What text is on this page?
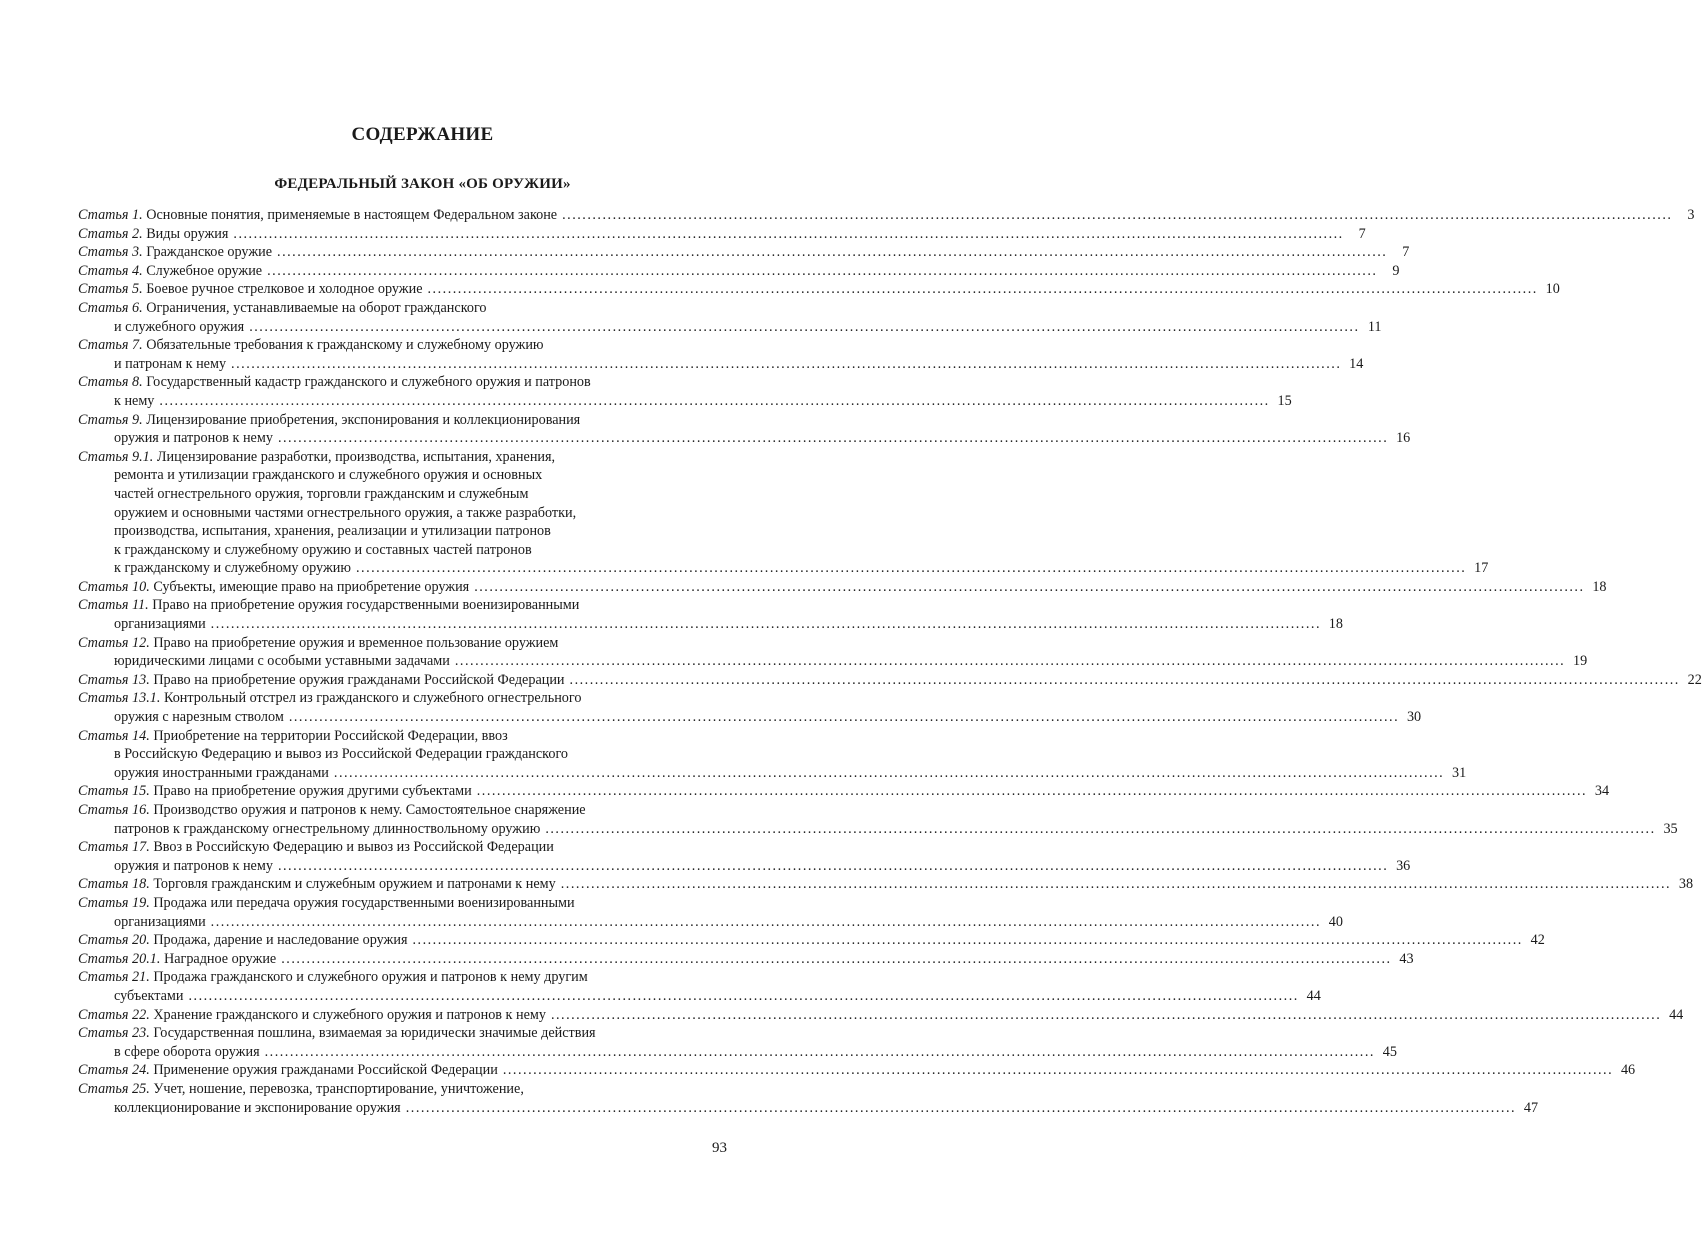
СОДЕРЖАНИЕ
ФЕДЕРАЛЬНЫЙ ЗАКОН «ОБ ОРУЖИИ»
Статья 1.
Основные понятия, применяемые в настоящем Федеральном законе ............................................................................................................................................................................................................................	3
Статья 2.
Виды оружия ............................................................................................................................................................................................................................	7
Статья 3.
Гражданское оружие ............................................................................................................................................................................................................................	7
Статья 4.
Служебное оружие ............................................................................................................................................................................................................................	9
Статья 5.
Боевое ручное стрелковое и холодное оружие ............................................................................................................................................................................................................................ 10
Статья 6.
Ограничения, устанавливаемые на оборот гражданского
и служебного оружия ............................................................................................................................................................................................................................ 11
Статья 7.
Обязательные требования к гражданскому и служебному оружию
и патронам к нему ............................................................................................................................................................................................................................ 14
Статья 8.
Государственный кадастр гражданского и служебного оружия и патронов
к нему ............................................................................................................................................................................................................................ 15
Статья 9.
Лицензирование приобретения, экспонирования и коллекционирования
оружия и патронов к нему ............................................................................................................................................................................................................................ 16
Статья 9.1.
Лицензирование разработки, производства, испытания, хранения,
ремонта и утилизации гражданского и служебного оружия и основных
частей огнестрельного оружия, торговли гражданским и служебным
оружием и основными частями огнестрельного оружия, а также разработки,
производства, испытания, хранения, реализации и утилизации патронов
к гражданскому и служебному оружию и составных частей патронов
к гражданскому и служебному оружию ............................................................................................................................................................................................................................ 17
Статья 10.
Субъекты, имеющие право на приобретение оружия ............................................................................................................................................................................................................................ 18
Статья 11.
Право на приобретение оружия государственными военизированными
организациями ............................................................................................................................................................................................................................ 18
Статья 12.
Право на приобретение оружия и временное пользование оружием
юридическими лицами с особыми уставными задачами ............................................................................................................................................................................................................................ 19
Статья 13.
Право на приобретение оружия гражданами Российской Федерации ............................................................................................................................................................................................................................ 22
Статья 13.1.
Контрольный отстрел из гражданского и служебного огнестрельного
оружия с нарезным стволом ............................................................................................................................................................................................................................ 30
Статья 14.
Приобретение на территории Российской Федерации, ввоз
в Российскую Федерацию и вывоз из Российской Федерации гражданского
оружия иностранными гражданами ............................................................................................................................................................................................................................ 31
Статья 15.
Право на приобретение оружия другими субъектами ............................................................................................................................................................................................................................ 34
Статья 16.
Производство оружия и патронов к нему. Самостоятельное снаряжение
патронов к гражданскому огнестрельному длинноствольному оружию ............................................................................................................................................................................................................................ 35
Статья 17.
Ввоз в Российскую Федерацию и вывоз из Российской Федерации
оружия и патронов к нему ............................................................................................................................................................................................................................ 36
Статья 18.
Торговля гражданским и служебным оружием и патронами к нему ............................................................................................................................................................................................................................ 38
Статья 19.
Продажа или передача оружия государственными военизированными
организациями ............................................................................................................................................................................................................................ 40
Статья 20.
Продажа, дарение и наследование оружия ............................................................................................................................................................................................................................ 42
Статья 20.1.
Наградное оружие ............................................................................................................................................................................................................................ 43
Статья 21.
Продажа гражданского и служебного оружия и патронов к нему другим
субъектами ............................................................................................................................................................................................................................ 44
Статья 22.
Хранение гражданского и служебного оружия и патронов к нему ............................................................................................................................................................................................................................ 44
Статья 23.
Государственная пошлина, взимаемая за юридически значимые действия
в сфере оборота оружия ............................................................................................................................................................................................................................ 45
Статья 24.
Применение оружия гражданами Российской Федерации ............................................................................................................................................................................................................................ 46
Статья 25.
Учет, ношение, перевозка, транспортирование, уничтожение,
коллекционирование и экспонирование оружия ............................................................................................................................................................................................................................ 47
93
